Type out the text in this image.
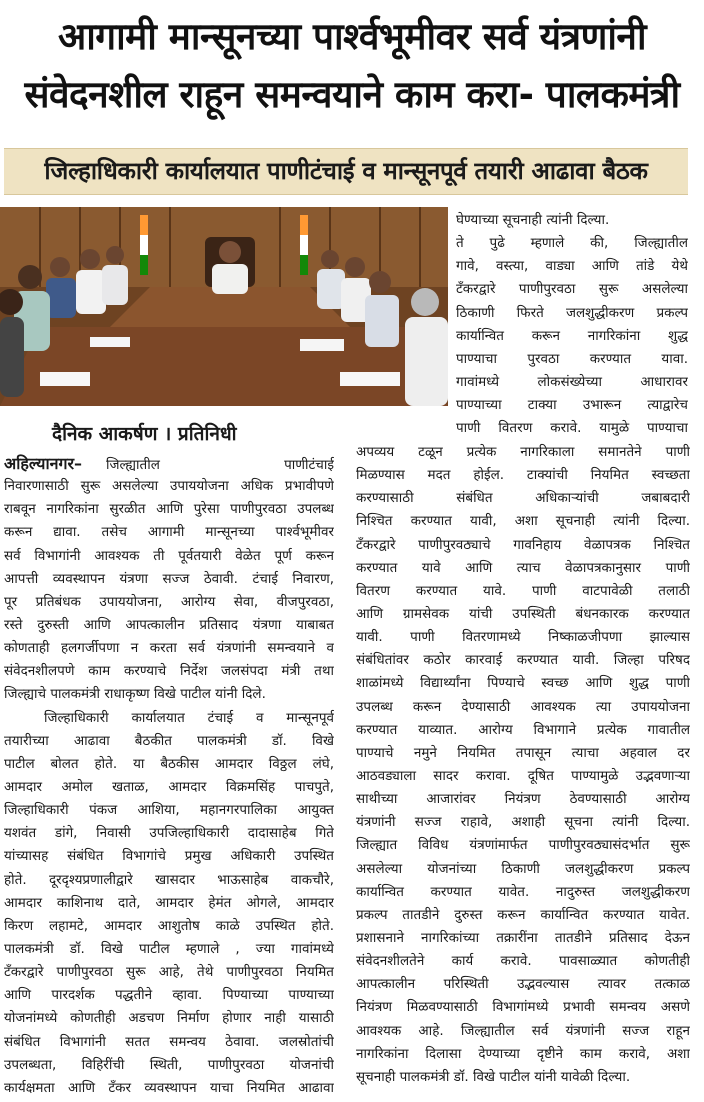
आगामी मान्सूनच्या पार्श्वभूमीवर सर्व यंत्रणांनी
संवेदनशील राहून समन्वयाने काम करा- पालकमंत्री
जिल्हाधिकारी कार्यालयात पाणीटंचाई व मान्सूनपूर्व तयारी आढावा बैठक
दैनिक आकर्षण । प्रतिनिधी
अहिल्यानगर– जिल्ह्यातील पाणीटंचाई
निवारणासाठी सुरू असलेल्या उपाययोजना अधिक प्रभावीपणे
राबवून नागरिकांना सुरळीत आणि पुरेसा पाणीपुरवठा उपलब्ध
करून द्यावा. तसेच आगामी मान्सूनच्या पार्श्वभूमीवर
सर्व विभागांनी आवश्यक ती पूर्वतयारी वेळेत पूर्ण करून
आपत्ती व्यवस्थापन यंत्रणा सज्ज ठेवावी. टंचाई निवारण,
पूर प्रतिबंधक उपाययोजना, आरोग्य सेवा, वीजपुरवठा,
रस्ते दुरुस्ती आणि आपत्कालीन प्रतिसाद यंत्रणा याबाबत
कोणताही हलगर्जीपणा न करता सर्व यंत्रणांनी समन्वयाने व
संवेदनशीलपणे काम करण्याचे निर्देश जलसंपदा मंत्री तथा
जिल्ह्याचे पालकमंत्री राधाकृष्ण विखे पाटील यांनी दिले.
जिल्हाधिकारी कार्यालयात टंचाई व मान्सूनपूर्व
तयारीच्या आढावा बैठकीत पालकमंत्री डॉ. विखे
पाटील बोलत होते. या बैठकीस आमदार विठ्ठल लंघे,
आमदार अमोल खताळ, आमदार विक्रमसिंह पाचपुते,
जिल्हाधिकारी पंकज आशिया, महानगरपालिका आयुक्त
यशवंत डांगे, निवासी उपजिल्हाधिकारी दादासाहेब गिते
यांच्यासह संबंधित विभागांचे प्रमुख अधिकारी उपस्थित
होते. दूरदृश्यप्रणालीद्वारे खासदार भाऊसाहेब वाकचौरे,
आमदार काशिनाथ दाते, आमदार हेमंत ओगले, आमदार
किरण लहामटे, आमदार आशुतोष काळे उपस्थित होते.
पालकमंत्री डॉ. विखे पाटील म्हणाले , ज्या गावांमध्ये
टँकरद्वारे पाणीपुरवठा सुरू आहे, तेथे पाणीपुरवठा नियमित
आणि पारदर्शक पद्धतीने व्हावा. पिण्याच्या पाण्याच्या
योजनांमध्ये कोणतीही अडचण निर्माण होणार नाही यासाठी
संबंधित विभागांनी सतत समन्वय ठेवावा. जलस्रोतांची
उपलब्धता, विहिरींची स्थिती, पाणीपुरवठा योजनांची
कार्यक्षमता आणि टँकर व्यवस्थापन याचा नियमित आढावा
घेण्याच्या सूचनाही त्यांनी दिल्या.
ते पुढे म्हणाले की, जिल्ह्यातील
गावे, वस्त्या, वाड्या आणि तांडे येथे
टँकरद्वारे पाणीपुरवठा सुरू असलेल्या
ठिकाणी फिरते जलशुद्धीकरण प्रकल्प
कार्यान्वित करून नागरिकांना शुद्ध
पाण्याचा पुरवठा करण्यात यावा.
गावांमध्ये लोकसंख्येच्या आधारावर
पाण्याच्या टाक्या उभारून त्याद्वारेच
पाणी वितरण करावे. यामुळे पाण्याचा
अपव्यय टळून प्रत्येक नागरिकाला समानतेने पाणी
मिळण्यास मदत होईल. टाक्यांची नियमित स्वच्छता
करण्यासाठी संबंधित अधिकाऱ्यांची जबाबदारी
निश्चित करण्यात यावी, अशा सूचनाही त्यांनी दिल्या.
टँकरद्वारे पाणीपुरवठ्याचे गावनिहाय वेळापत्रक निश्चित
करण्यात यावे आणि त्याच वेळापत्रकानुसार पाणी
वितरण करण्यात यावे. पाणी वाटपावेळी तलाठी
आणि ग्रामसेवक यांची उपस्थिती बंधनकारक करण्यात
यावी. पाणी वितरणामध्ये निष्काळजीपणा झाल्यास
संबंधितांवर कठोर कारवाई करण्यात यावी. जिल्हा परिषद
शाळांमध्ये विद्यार्थ्यांना पिण्याचे स्वच्छ आणि शुद्ध पाणी
उपलब्ध करून देण्यासाठी आवश्यक त्या उपाययोजना
करण्यात याव्यात. आरोग्य विभागाने प्रत्येक गावातील
पाण्याचे नमुने नियमित तपासून त्याचा अहवाल दर
आठवड्याला सादर करावा. दूषित पाण्यामुळे उद्भवणाऱ्या
साथीच्या आजारांवर नियंत्रण ठेवण्यासाठी आरोग्य
यंत्रणांनी सज्ज राहावे, अशाही सूचना त्यांनी दिल्या.
जिल्ह्यात विविध यंत्रणांमार्फत पाणीपुरवठ्यासंदर्भात सुरू
असलेल्या योजनांच्या ठिकाणी जलशुद्धीकरण प्रकल्प
कार्यान्वित करण्यात यावेत. नादुरुस्त जलशुद्धीकरण
प्रकल्प तातडीने दुरुस्त करून कार्यान्वित करण्यात यावेत.
प्रशासनाने नागरिकांच्या तक्रारींना तातडीने प्रतिसाद देऊन
संवेदनशीलतेने कार्य करावे. पावसाळ्यात कोणतीही
आपत्कालीन परिस्थिती उद्भवल्यास त्यावर तत्काळ
नियंत्रण मिळवण्यासाठी विभागांमध्ये प्रभावी समन्वय असणे
आवश्यक आहे. जिल्ह्यातील सर्व यंत्रणांनी सज्ज राहून
नागरिकांना दिलासा देण्याच्या दृष्टीने काम करावे, अशा
सूचनाही पालकमंत्री डॉ. विखे पाटील यांनी यावेळी दिल्या.
